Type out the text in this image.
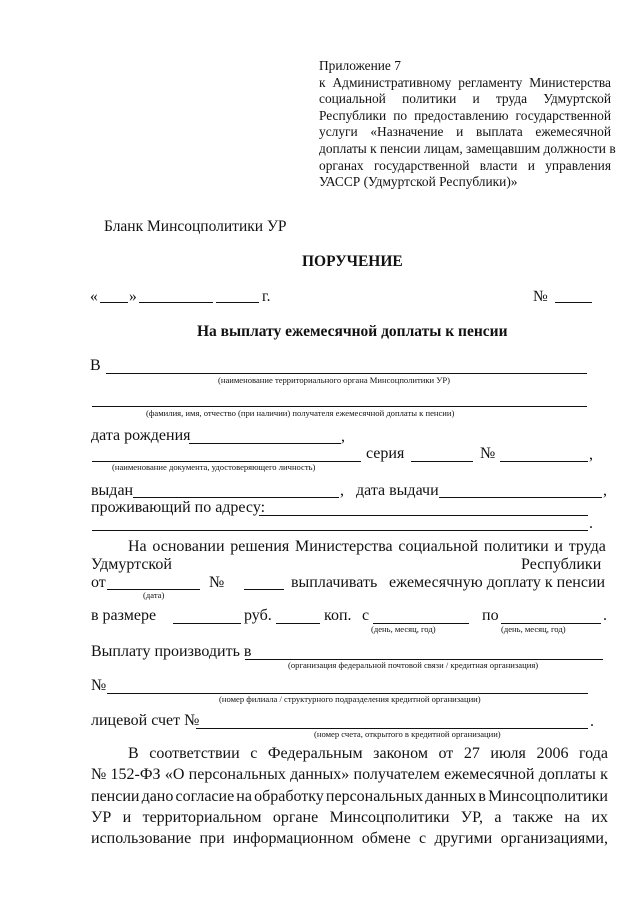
Приложение 7
к Административному регламенту Министерства
социальной политики и труда Удмуртской
Республики по предоставлению государственной
услуги «Назначение и выплата ежемесячной
доплаты к пенсии лицам, замещавшим должности в
органах государственной власти и управления
УАССР (Удмуртской Республики)»
Бланк Минсоцполитики УР
ПОРУЧЕНИЕ
« »	г.	№
На выплату ежемесячной доплаты к пенсии
В
(наименование территориального органа Минсоцполитики УР)
(фамилия, имя, отчество (при наличии) получателя ежемесячной доплаты к пенсии)
дата рождения	,
(наименование документа, удостоверяющего личность)
серия	№	,
выдан	, дата выдачи	,
проживающий по адресу:
.
На основании решения Министерства социальной политики и труда
Удмуртской	Республики
от
(дата)
№	выплачивать ежемесячную доплату к пенсии
в размере	руб.	коп. с
(день, месяц, год)
по
(день, месяц, год)
.
Выплату производить в
(организация федеральной почтовой связи / кредитная организация)
№
(номер филиала / структурного подразделения кредитной организации)
лицевой счет №
(номер счета, открытого в кредитной организации)
.
В соответствии с Федеральным законом от 27 июля 2006 года
№ 152-ФЗ «О персональных данных» получателем ежемесячной доплаты к
пенсии дано согласие на обработку персональных данных в Минсоцполитики
УР и территориальном органе Минсоцполитики УР, а также на их
использование при информационном обмене с другими организациями,
